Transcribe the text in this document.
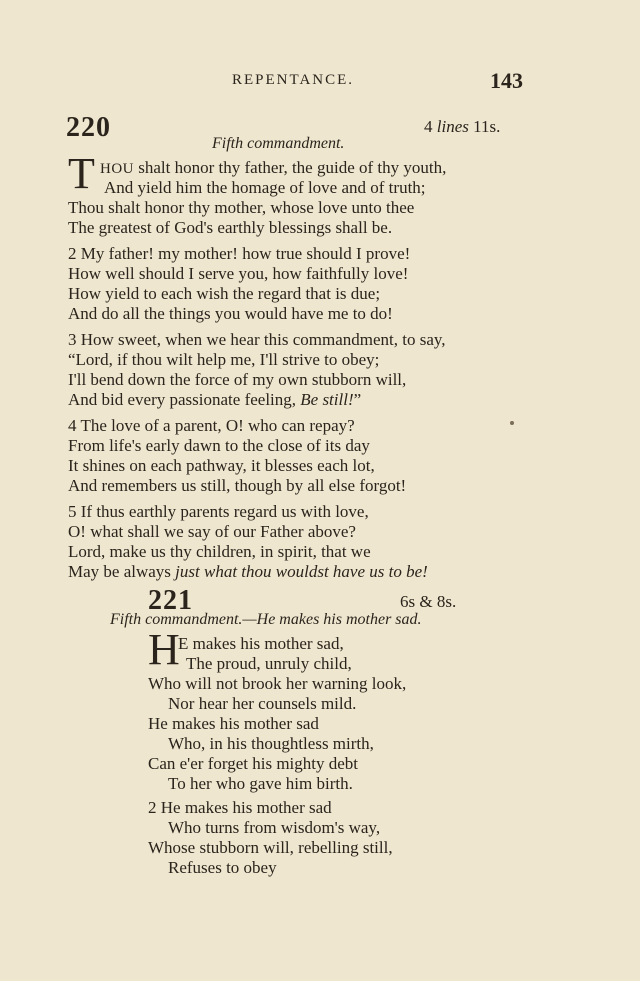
REPENTANCE.	143
220	4 lines 11s.
Fifth commandment.
T HOU shalt honor thy father, the guide of thy youth,
And yield him the homage of love and of truth;
Thou shalt honor thy mother, whose love unto thee
The greatest of God's earthly blessings shall be.
2 My father! my mother! how true should I prove!
How well should I serve you, how faithfully love!
How yield to each wish the regard that is due;
And do all the things you would have me to do!
3 How sweet, when we hear this commandment, to say,
“Lord, if thou wilt help me, I'll strive to obey;
I'll bend down the force of my own stubborn will,
And bid every passionate feeling, Be still!”
4 The love of a parent, O! who can repay?
From life's early dawn to the close of its day
It shines on each pathway, it blesses each lot,
And remembers us still, though by all else forgot!
5 If thus earthly parents regard us with love,
O! what shall we say of our Father above?
Lord, make us thy children, in spirit, that we
May be always just what thou wouldst have us to be!
221	6s & 8s.
Fifth commandment.—He makes his mother sad.
H
E makes his mother sad,
The proud, unruly child,
Who will not brook her warning look,
Nor hear her counsels mild.
He makes his mother sad
Who, in his thoughtless mirth,
Can e'er forget his mighty debt
To her who gave him birth.
2 He makes his mother sad
Who turns from wisdom's way,
Whose stubborn will, rebelling still,
Refuses to obey
